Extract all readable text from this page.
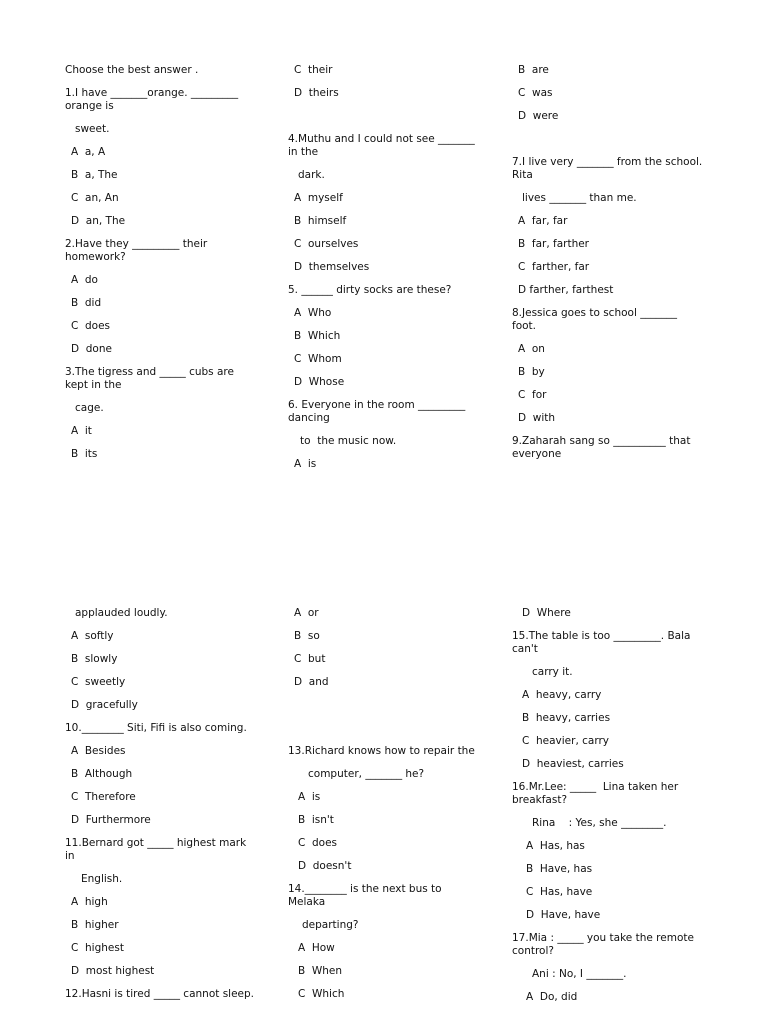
Choose the best answer .

1.I have _______orange. _________ orange is

sweet.

A  a, A

B  a, The

C  an, An

D  an, The

2.Have they _________ their homework?

A  do

B  did

C  does

D  done

3.The tigress and _____ cubs are kept in the

cage.

A  it

B  its

C  their

D  theirs

4.Muthu and I could not see _______ in the

dark.

A  myself

B  himself

C  ourselves

D  themselves

5. ______ dirty socks are these?

A  Who

B  Which

C  Whom

D  Whose

6. Everyone in the room _________ dancing

to  the music now.

A  is

B  are

C  was

D  were

7.I live very _______ from the school. Rita

lives _______ than me.

A  far, far

B  far, farther

C  farther, far

D farther, farthest

8.Jessica goes to school _______ foot.

A  on

B  by

C  for

D  with

9.Zaharah sang so __________ that everyone

applauded loudly.

A  softly

B  slowly

C  sweetly

D  gracefully

10.________ Siti, Fifi is also coming.

A  Besides

B  Although

C  Therefore

D  Furthermore

11.Bernard got _____ highest mark in

English.

A  high

B  higher

C  highest

D  most highest

12.Hasni is tired _____ cannot sleep.

A  or

B  so

C  but

D  and

13.Richard knows how to repair the

computer, _______ he?

A  is

B  isn't

C  does

D  doesn't

14.________ is the next bus to Melaka

departing?

A  How

B  When

C  Which

D  Where

15.The table is too _________. Bala can't

carry it.

A  heavy, carry

B  heavy, carries

C  heavier, carry

D  heaviest, carries

16.Mr.Lee: _____  Lina taken her breakfast?

Rina    : Yes, she ________.

A  Has, has

B  Have, has

C  Has, have

D  Have, have

17.Mia : _____ you take the remote control?

Ani : No, I _______.

A  Do, did
